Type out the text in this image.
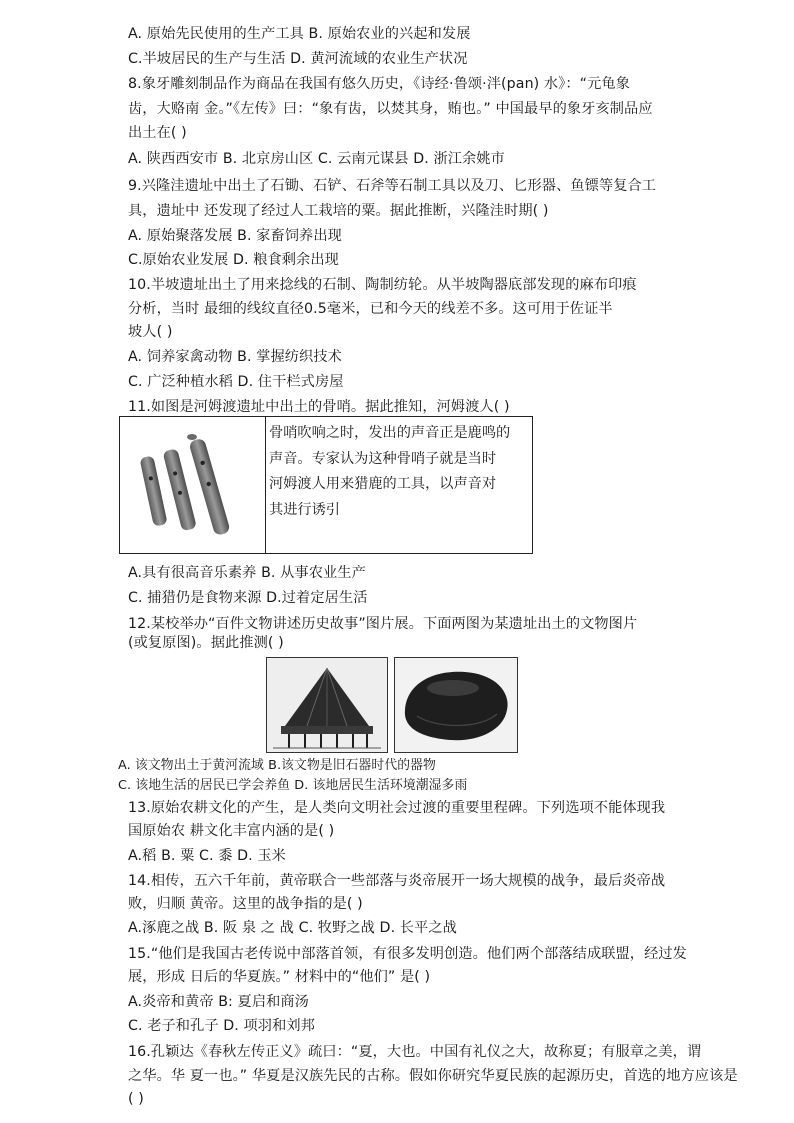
A. 原始先民使用的生产工具 B. 原始农业的兴起和发展
C.半坡居民的生产与生活 D. 黄河流域的农业生产状况
8.象牙雕刻制品作为商品在我国有悠久历史，《诗经·鲁颂·泮(pan) 水》：“元龟象
齿，大赂南 金。”《左传》曰：“象有齿，以焚其身，贿也。” 中国最早的象牙亥制品应
出土在( )
A. 陕西西安市 B. 北京房山区 C. 云南元谋县 D. 浙江余姚市
9.兴隆洼遗址中出土了石锄、石铲、石斧等石制工具以及刀、匕形器、鱼镖等复合工
具，遗址中 还发现了经过人工栽培的粟。据此推断，兴隆洼时期( )
A. 原始聚落发展 B. 家畜饲养出现
C.原始农业发展 D. 粮食剩余出现
10.半坡遗址出土了用来捻线的石制、陶制纺轮。从半坡陶器底部发现的麻布印痕
分析，当时 最细的线纹直径0.5毫米，已和今天的线差不多。这可用于佐证半
坡人( )
A. 饲养家禽动物 B. 掌握纺织技术
C. 广泛种植水稻 D. 住干栏式房屋
11.如图是河姆渡遗址中出土的骨哨。据此推知，河姆渡人( )
骨哨吹响之时，发出的声音正是鹿鸣的
声音。专家认为这种骨哨子就是当时
河姆渡人用来猎鹿的工具，以声音对
其进行诱引
A.具有很高音乐素养 B. 从事农业生产
C. 捕猎仍是食物来源 D.过着定居生活
12.某校举办“百件文物讲述历史故事”图片展。下面两图为某遗址出土的文物图片
(或复原图)。据此推测( )
A. 该文物出土于黄河流域 B.该文物是旧石器时代的器物
C. 该地生活的居民已学会养鱼 D. 该地居民生活环境潮湿多雨
13.原始农耕文化的产生，是人类向文明社会过渡的重要里程碑。下列选项不能体现我
国原始农 耕文化丰富内涵的是( )
A.稻 B. 粟 C. 黍 D. 玉米
14.相传，五六千年前，黄帝联合一些部落与炎帝展开一场大规模的战争，最后炎帝战
败，归顺 黄帝。这里的战争指的是( )
A.涿鹿之战 B. 阪 泉 之 战 C. 牧野之战 D. 长平之战
15.“他们是我国古老传说中部落首领，有很多发明创造。他们两个部落结成联盟，经过发
展，形成 日后的华夏族。” 材料中的“他们” 是( )
A.炎帝和黄帝 B: 夏启和商汤
C. 老子和孔子 D. 项羽和刘邦
16.孔颖达《春秋左传正义》疏曰：“夏，大也。中国有礼仪之大，故称夏；有服章之美，谓
之华。华 夏一也。” 华夏是汉族先民的古称。假如你研究华夏民族的起源历史，首选的地方应该是
( )
